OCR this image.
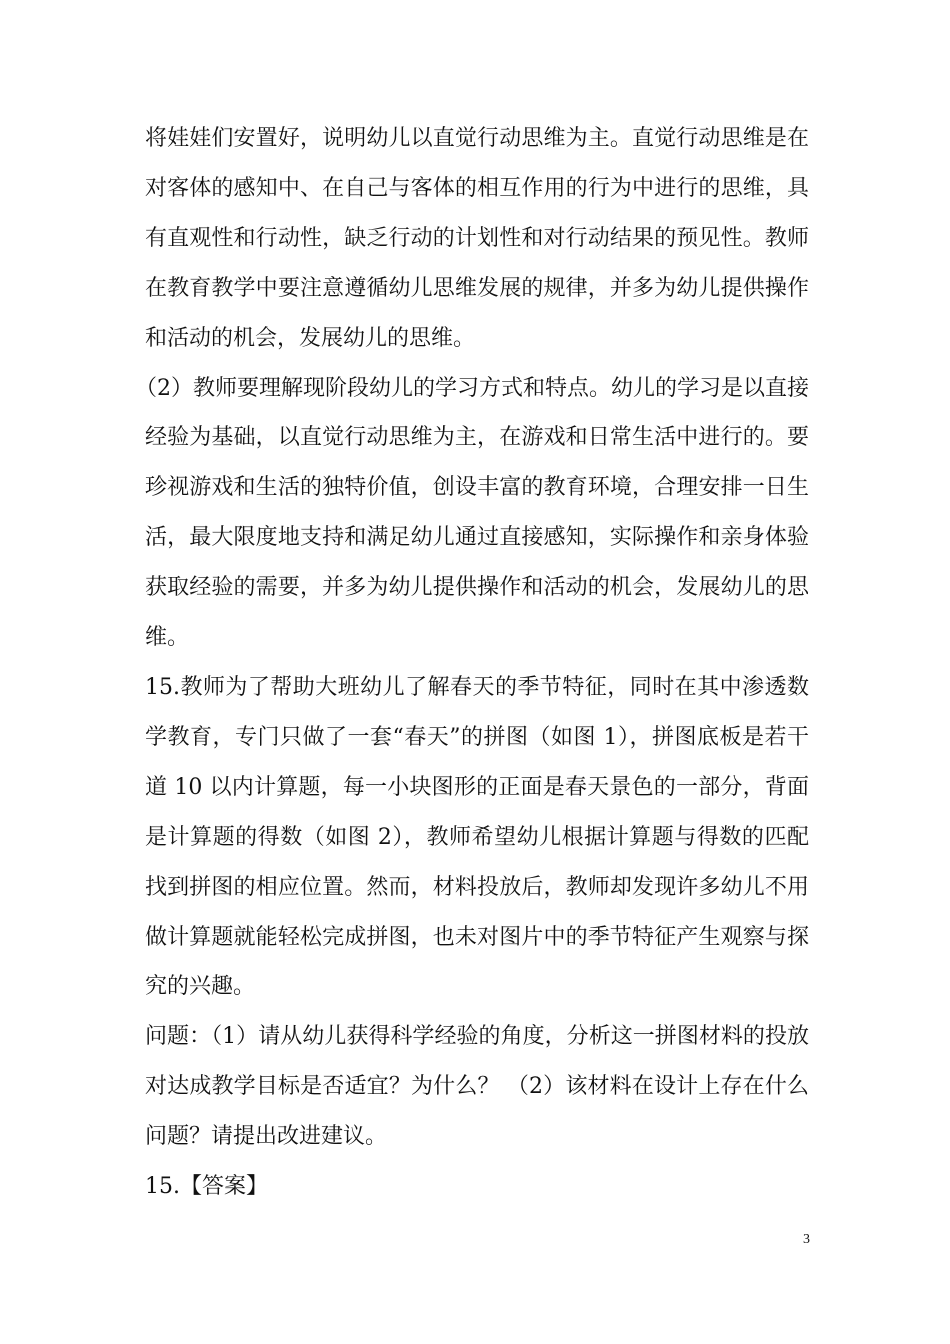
将娃娃们安置好，说明幼儿以直觉行动思维为主。直觉行动思维是在对客体的感知中、在自己与客体的相互作用的行为中进行的思维，具有直观性和行动性，缺乏行动的计划性和对行动结果的预见性。教师在教育教学中要注意遵循幼儿思维发展的规律，并多为幼儿提供操作和活动的机会，发展幼儿的思维。

（2）教师要理解现阶段幼儿的学习方式和特点。幼儿的学习是以直接经验为基础，以直觉行动思维为主，在游戏和日常生活中进行的。要珍视游戏和生活的独特价值，创设丰富的教育环境，合理安排一日生活，最大限度地支持和满足幼儿通过直接感知，实际操作和亲身体验获取经验的需要，并多为幼儿提供操作和活动的机会，发展幼儿的思维。

15.教师为了帮助大班幼儿了解春天的季节特征，同时在其中渗透数学教育，专门只做了一套“春天”的拼图（如图 1），拼图底板是若干道 10 以内计算题，每一小块图形的正面是春天景色的一部分，背面是计算题的得数（如图 2），教师希望幼儿根据计算题与得数的匹配找到拼图的相应位置。然而，材料投放后，教师却发现许多幼儿不用做计算题就能轻松完成拼图，也未对图片中的季节特征产生观察与探究的兴趣。

问题：（1）请从幼儿获得科学经验的角度，分析这一拼图材料的投放对达成教学目标是否适宜？为什么？ （2）该材料在设计上存在什么问题？请提出改进建议。

15.【答案】

3
